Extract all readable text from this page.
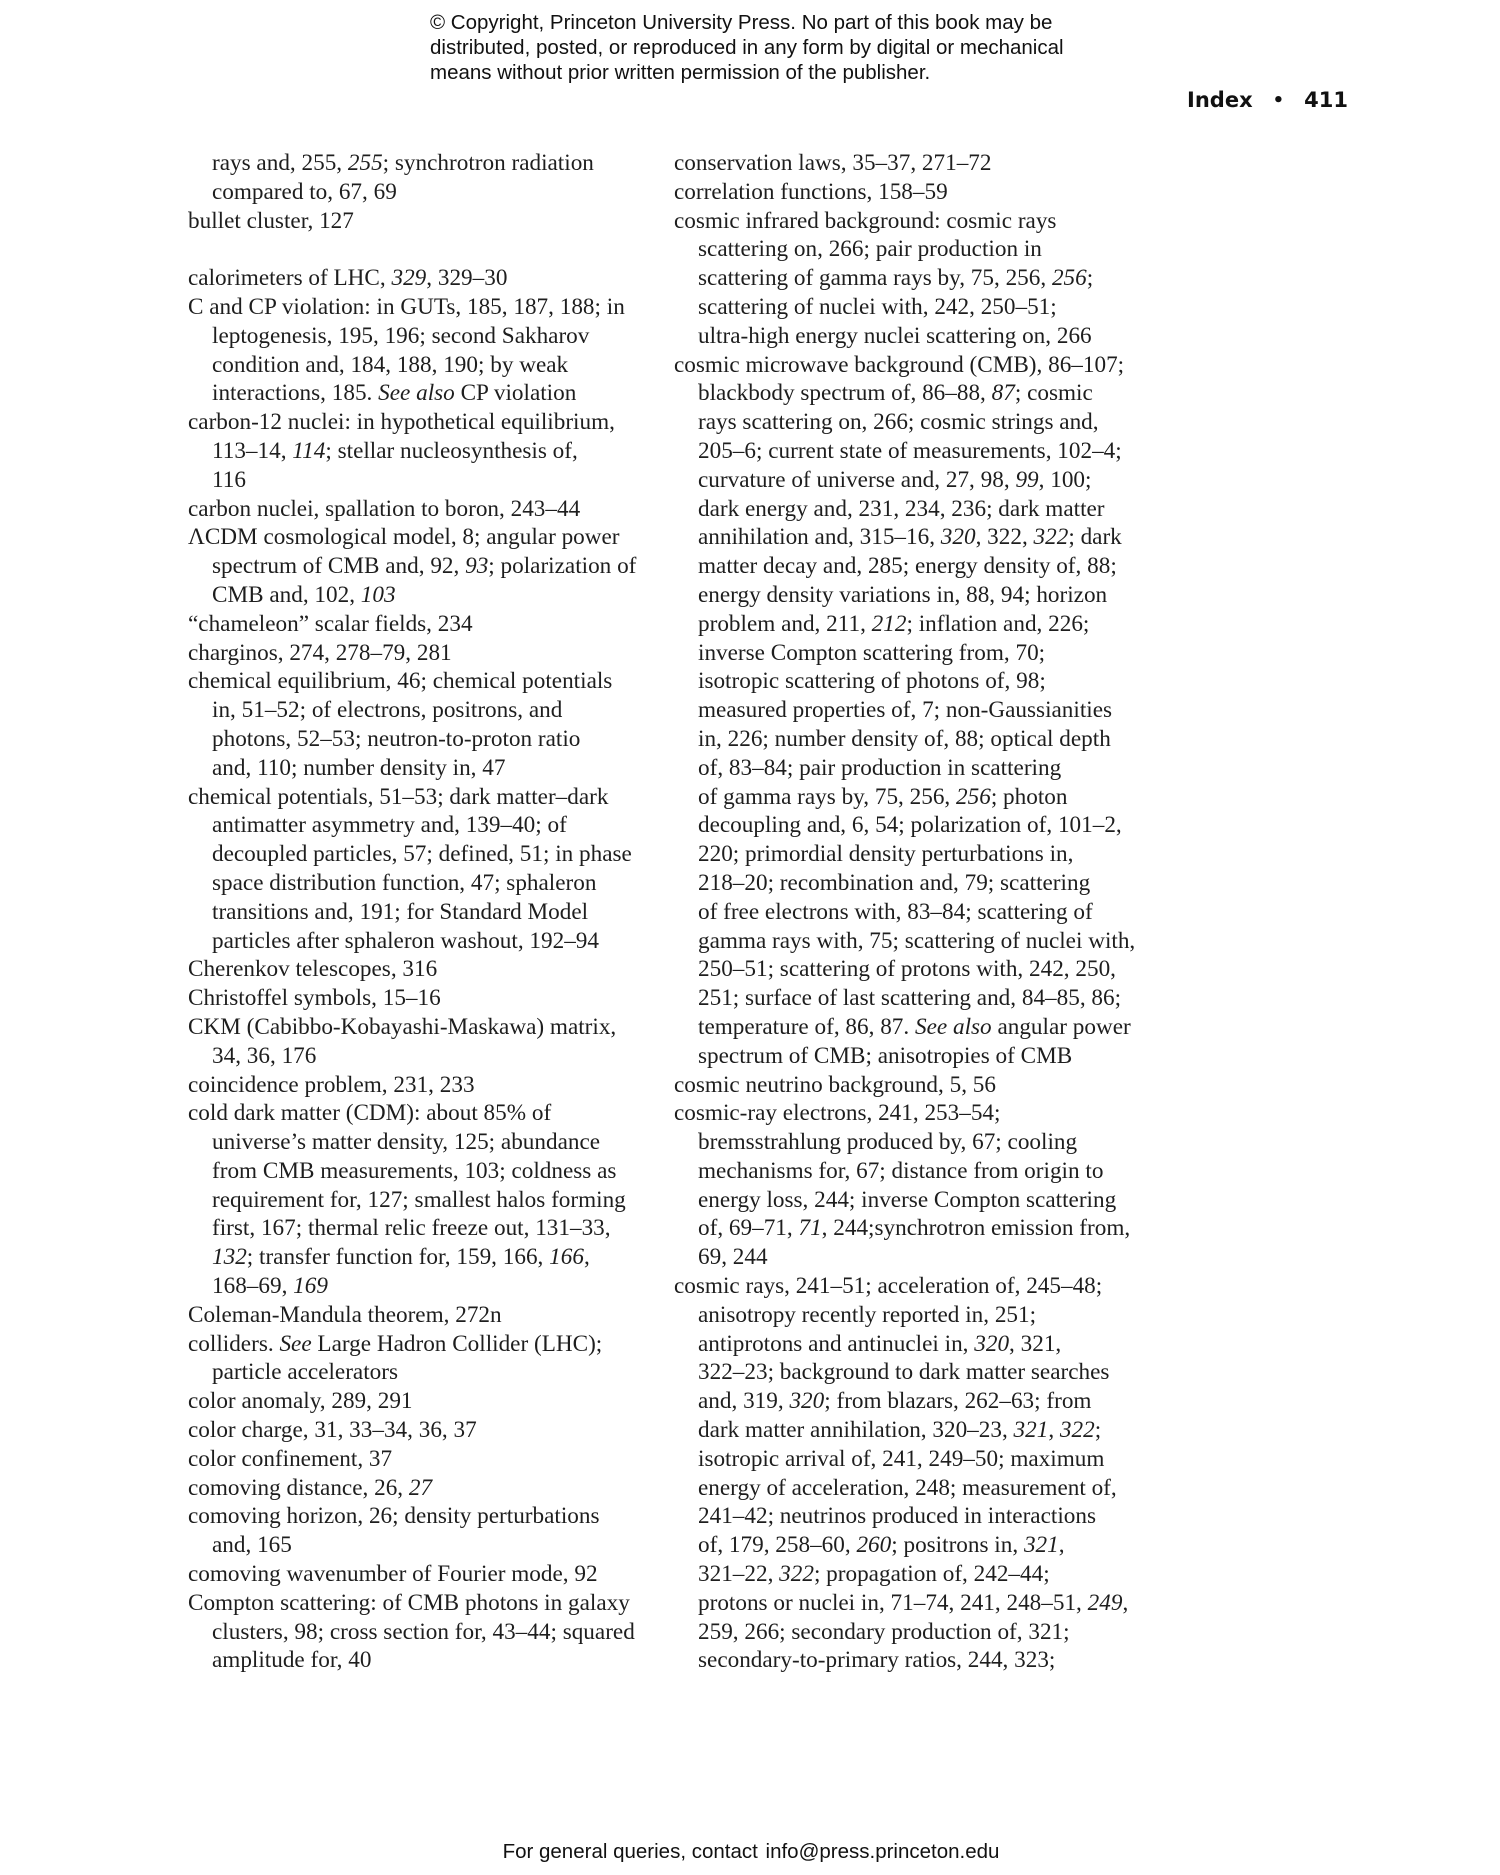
© Copyright, Princeton University Press. No part of this book may be
distributed, posted, or reproduced in any form by digital or mechanical
means without prior written permission of the publisher.
Index • 411
rays and, 255, 255; synchrotron radiation
compared to, 67, 69
bullet cluster, 127
calorimeters of LHC, 329, 329–30
C and CP violation: in GUTs, 185, 187, 188; in
leptogenesis, 195, 196; second Sakharov
condition and, 184, 188, 190; by weak
interactions, 185. See also CP violation
carbon-12 nuclei: in hypothetical equilibrium,
113–14, 114; stellar nucleosynthesis of,
116
carbon nuclei, spallation to boron, 243–44
ΛCDM cosmological model, 8; angular power
spectrum of CMB and, 92, 93; polarization of
CMB and, 102, 103
“chameleon” scalar fields, 234
charginos, 274, 278–79, 281
chemical equilibrium, 46; chemical potentials
in, 51–52; of electrons, positrons, and
photons, 52–53; neutron-to-proton ratio
and, 110; number density in, 47
chemical potentials, 51–53; dark matter–dark
antimatter asymmetry and, 139–40; of
decoupled particles, 57; defined, 51; in phase
space distribution function, 47; sphaleron
transitions and, 191; for Standard Model
particles after sphaleron washout, 192–94
Cherenkov telescopes, 316
Christoffel symbols, 15–16
CKM (Cabibbo-Kobayashi-Maskawa) matrix,
34, 36, 176
coincidence problem, 231, 233
cold dark matter (CDM): about 85% of
universe’s matter density, 125; abundance
from CMB measurements, 103; coldness as
requirement for, 127; smallest halos forming
first, 167; thermal relic freeze out, 131–33,
132; transfer function for, 159, 166, 166,
168–69, 169
Coleman-Mandula theorem, 272n
colliders. See Large Hadron Collider (LHC);
particle accelerators
color anomaly, 289, 291
color charge, 31, 33–34, 36, 37
color confinement, 37
comoving distance, 26, 27
comoving horizon, 26; density perturbations
and, 165
comoving wavenumber of Fourier mode, 92
Compton scattering: of CMB photons in galaxy
clusters, 98; cross section for, 43–44; squared
amplitude for, 40
conservation laws, 35–37, 271–72
correlation functions, 158–59
cosmic infrared background: cosmic rays
scattering on, 266; pair production in
scattering of gamma rays by, 75, 256, 256;
scattering of nuclei with, 242, 250–51;
ultra-high energy nuclei scattering on, 266
cosmic microwave background (CMB), 86–107;
blackbody spectrum of, 86–88, 87; cosmic
rays scattering on, 266; cosmic strings and,
205–6; current state of measurements, 102–4;
curvature of universe and, 27, 98, 99, 100;
dark energy and, 231, 234, 236; dark matter
annihilation and, 315–16, 320, 322, 322; dark
matter decay and, 285; energy density of, 88;
energy density variations in, 88, 94; horizon
problem and, 211, 212; inflation and, 226;
inverse Compton scattering from, 70;
isotropic scattering of photons of, 98;
measured properties of, 7; non-Gaussianities
in, 226; number density of, 88; optical depth
of, 83–84; pair production in scattering
of gamma rays by, 75, 256, 256; photon
decoupling and, 6, 54; polarization of, 101–2,
220; primordial density perturbations in,
218–20; recombination and, 79; scattering
of free electrons with, 83–84; scattering of
gamma rays with, 75; scattering of nuclei with,
250–51; scattering of protons with, 242, 250,
251; surface of last scattering and, 84–85, 86;
temperature of, 86, 87. See also angular power
spectrum of CMB; anisotropies of CMB
cosmic neutrino background, 5, 56
cosmic-ray electrons, 241, 253–54;
bremsstrahlung produced by, 67; cooling
mechanisms for, 67; distance from origin to
energy loss, 244; inverse Compton scattering
of, 69–71, 71, 244;synchrotron emission from,
69, 244
cosmic rays, 241–51; acceleration of, 245–48;
anisotropy recently reported in, 251;
antiprotons and antinuclei in, 320, 321,
322–23; background to dark matter searches
and, 319, 320; from blazars, 262–63; from
dark matter annihilation, 320–23, 321, 322;
isotropic arrival of, 241, 249–50; maximum
energy of acceleration, 248; measurement of,
241–42; neutrinos produced in interactions
of, 179, 258–60, 260; positrons in, 321,
321–22, 322; propagation of, 242–44;
protons or nuclei in, 71–74, 241, 248–51, 249,
259, 266; secondary production of, 321;
secondary-to-primary ratios, 244, 323;
For general queries, contact info@press.princeton.edu
